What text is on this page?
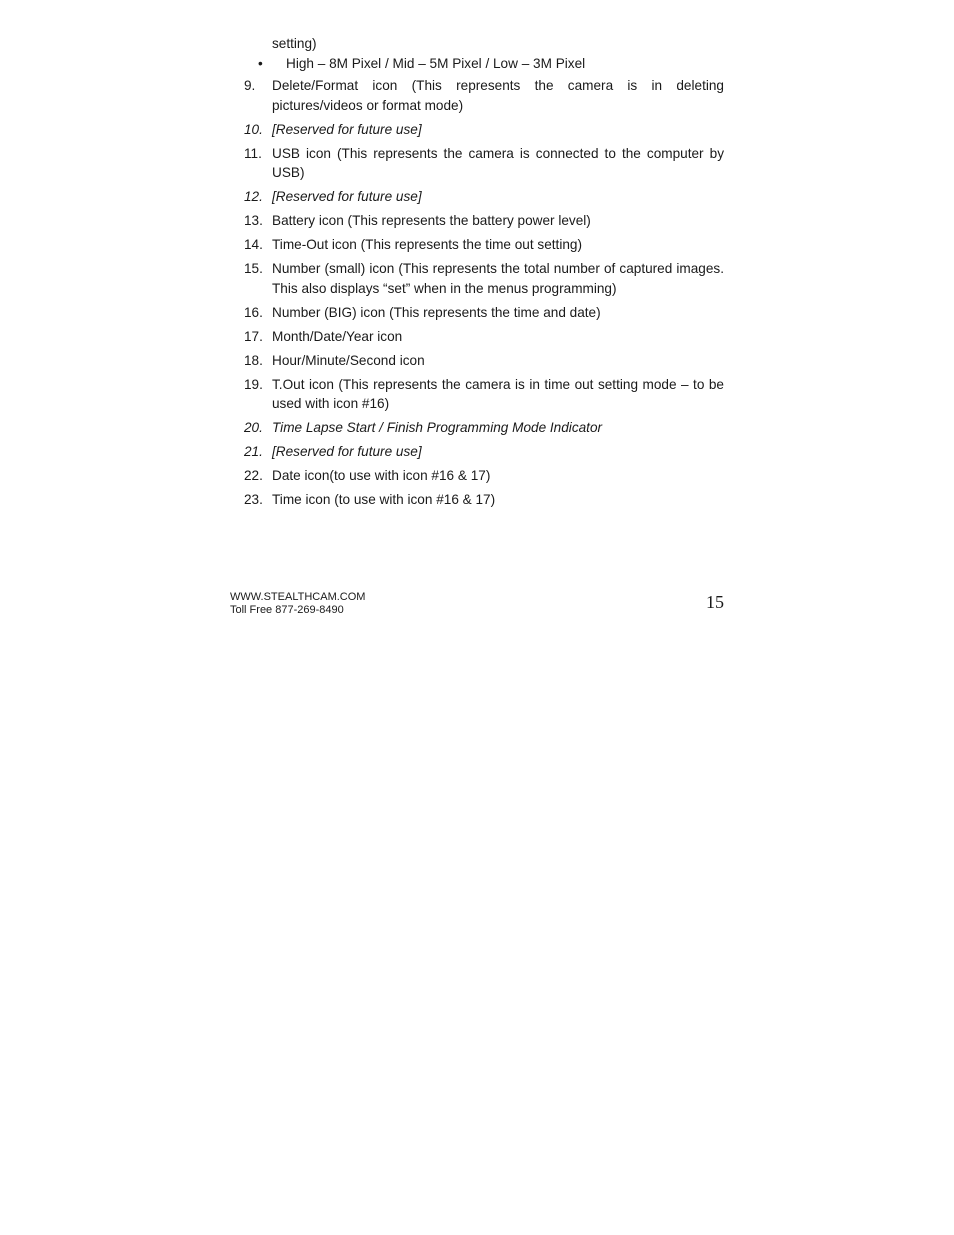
setting)
•	High – 8M Pixel / Mid – 5M Pixel / Low – 3M Pixel
9.	Delete/Format icon (This represents the camera is in deleting pictures/videos or format mode)
10. [Reserved for future use]
11. USB icon (This represents the camera is connected to the computer by USB)
12. [Reserved for future use]
13. Battery icon (This represents the battery power level)
14. Time-Out icon (This represents the time out setting)
15. Number (small) icon (This represents the total number of captured images. This also displays “set” when in the menus programming)
16. Number (BIG) icon (This represents the time and date)
17. Month/Date/Year icon
18. Hour/Minute/Second icon
19. T.Out icon (This represents the camera is in time out setting mode – to be used with icon #16)
20. Time Lapse Start / Finish Programming Mode Indicator
21. [Reserved for future use]
22. Date icon(to use with icon #16 & 17)
23. Time icon (to use with icon #16 & 17)
WWW.STEALTHCAM.COM
Toll Free 877-269-8490	15
